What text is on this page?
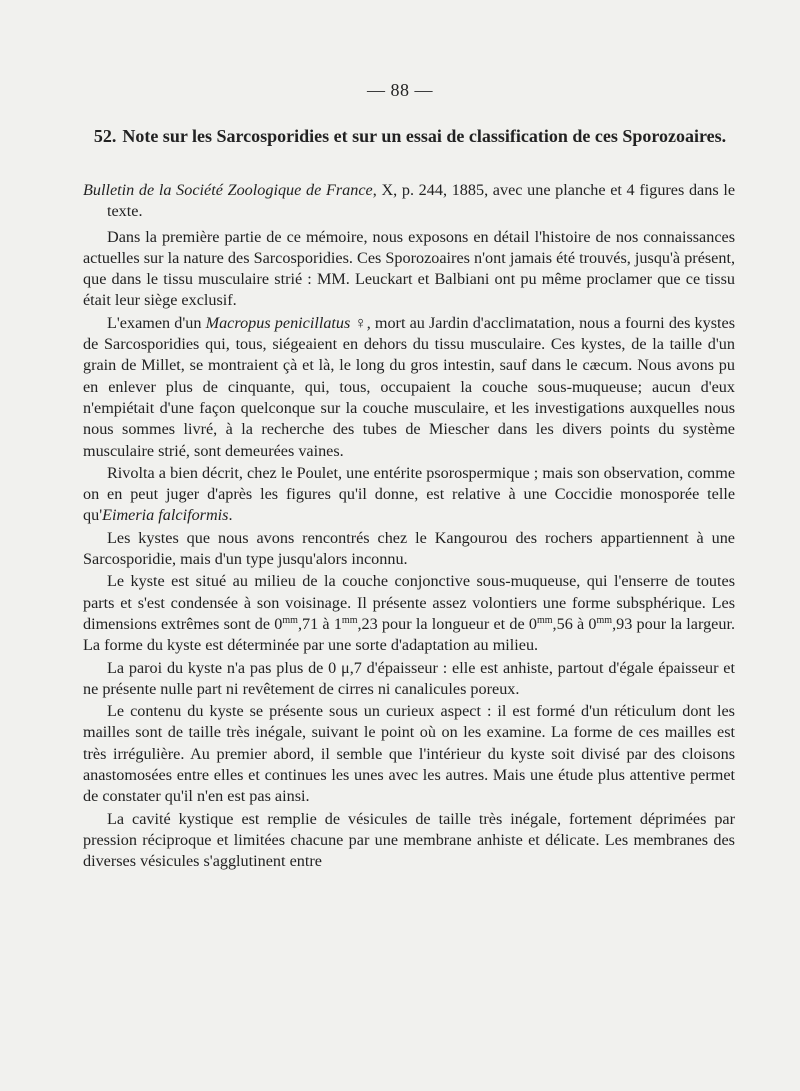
— 88 —
52. Note sur les Sarcosporidies et sur un essai de classification de ces Sporozoaires.

Bulletin de la Société Zoologique de France, X, p. 244, 1885, avec une planche et 4 figures dans le texte.

Dans la première partie de ce mémoire, nous exposons en détail l'histoire de nos connaissances actuelles sur la nature des Sarcosporidies. Ces Sporozoaires n'ont jamais été trouvés, jusqu'à présent, que dans le tissu musculaire strié : MM. Leuckart et Balbiani ont pu même proclamer que ce tissu était leur siège exclusif.

L'examen d'un Macropus penicillatus ♀, mort au Jardin d'acclimatation, nous a fourni des kystes de Sarcosporidies qui, tous, siégeaient en dehors du tissu musculaire. Ces kystes, de la taille d'un grain de Millet, se montraient çà et là, le long du gros intestin, sauf dans le cæcum. Nous avons pu en enlever plus de cinquante, qui, tous, occupaient la couche sous-muqueuse; aucun d'eux n'empiétait d'une façon quelconque sur la couche musculaire, et les investigations auxquelles nous nous sommes livré, à la recherche des tubes de Miescher dans les divers points du système musculaire strié, sont demeurées vaines.

Rivolta a bien décrit, chez le Poulet, une entérite psorospermique ; mais son observation, comme on en peut juger d'après les figures qu'il donne, est relative à une Coccidie monosporée telle qu'Eimeria falciformis.

Les kystes que nous avons rencontrés chez le Kangourou des rochers appartiennent à une Sarcosporidie, mais d'un type jusqu'alors inconnu.

Le kyste est situé au milieu de la couche conjonctive sous-muqueuse, qui l'enserre de toutes parts et s'est condensée à son voisinage. Il présente assez volontiers une forme subsphérique. Les dimensions extrêmes sont de $0^{mm},71$ à $1^{mm},23$ pour la longueur et de $0^{mm},56$ à $0^{mm},93$ pour la largeur. La forme du kyste est déterminée par une sorte d'adaptation au milieu.

La paroi du kyste n'a pas plus de 0 μ,7 d'épaisseur : elle est anhiste, partout d'égale épaisseur et ne présente nulle part ni revêtement de cirres ni canalicules poreux.

Le contenu du kyste se présente sous un curieux aspect : il est formé d'un réticulum dont les mailles sont de taille très inégale, suivant le point où on les examine. La forme de ces mailles est très irrégulière. Au premier abord, il semble que l'intérieur du kyste soit divisé par des cloisons anastomosées entre elles et continues les unes avec les autres. Mais une étude plus attentive permet de constater qu'il n'en est pas ainsi.

La cavité kystique est remplie de vésicules de taille très inégale, fortement déprimées par pression réciproque et limitées chacune par une membrane anhiste et délicate. Les membranes des diverses vésicules s'agglutinent entre
